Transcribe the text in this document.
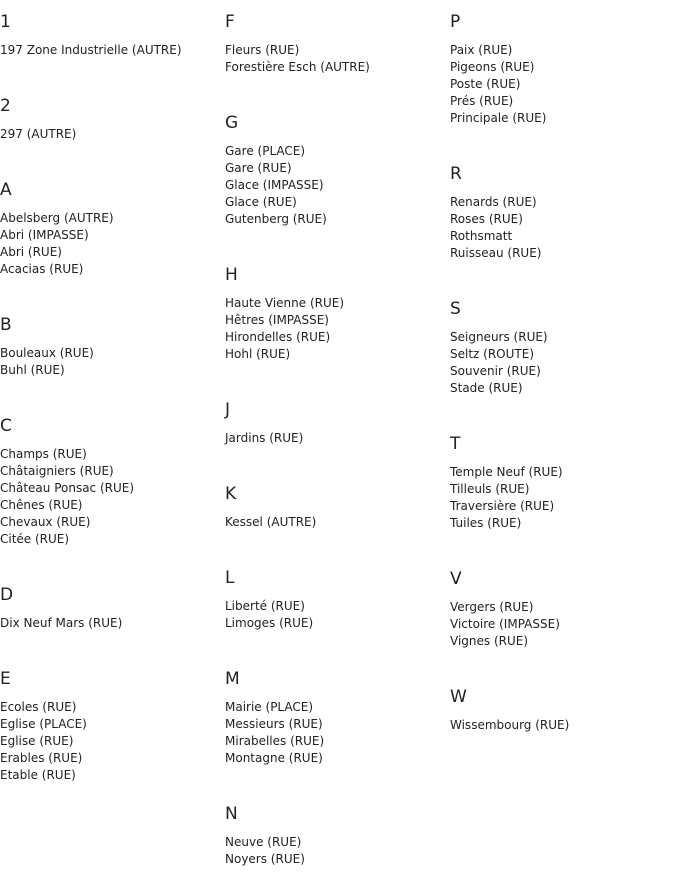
1
197 Zone Industrielle (AUTRE)
2
297 (AUTRE)
A
Abelsberg (AUTRE)
Abri (IMPASSE)
Abri (RUE)
Acacias (RUE)
B
Bouleaux (RUE)
Buhl (RUE)
C
Champs (RUE)
Châtaigniers (RUE)
Château Ponsac (RUE)
Chênes (RUE)
Chevaux (RUE)
Citée (RUE)
D
Dix Neuf Mars (RUE)
E
Ecoles (RUE)
Eglise (PLACE)
Eglise (RUE)
Erables (RUE)
Etable (RUE)
F
Fleurs (RUE)
Forestière Esch (AUTRE)
G
Gare (PLACE)
Gare (RUE)
Glace (IMPASSE)
Glace (RUE)
Gutenberg (RUE)
H
Haute Vienne (RUE)
Hêtres (IMPASSE)
Hirondelles (RUE)
Hohl (RUE)
J
Jardins (RUE)
K
Kessel (AUTRE)
L
Liberté (RUE)
Limoges (RUE)
M
Mairie (PLACE)
Messieurs (RUE)
Mirabelles (RUE)
Montagne (RUE)
N
Neuve (RUE)
Noyers (RUE)
P
Paix (RUE)
Pigeons (RUE)
Poste (RUE)
Prés (RUE)
Principale (RUE)
R
Renards (RUE)
Roses (RUE)
Rothsmatt
Ruisseau (RUE)
S
Seigneurs (RUE)
Seltz (ROUTE)
Souvenir (RUE)
Stade (RUE)
T
Temple Neuf (RUE)
Tilleuls (RUE)
Traversière (RUE)
Tuiles (RUE)
V
Vergers (RUE)
Victoire (IMPASSE)
Vignes (RUE)
W
Wissembourg (RUE)
